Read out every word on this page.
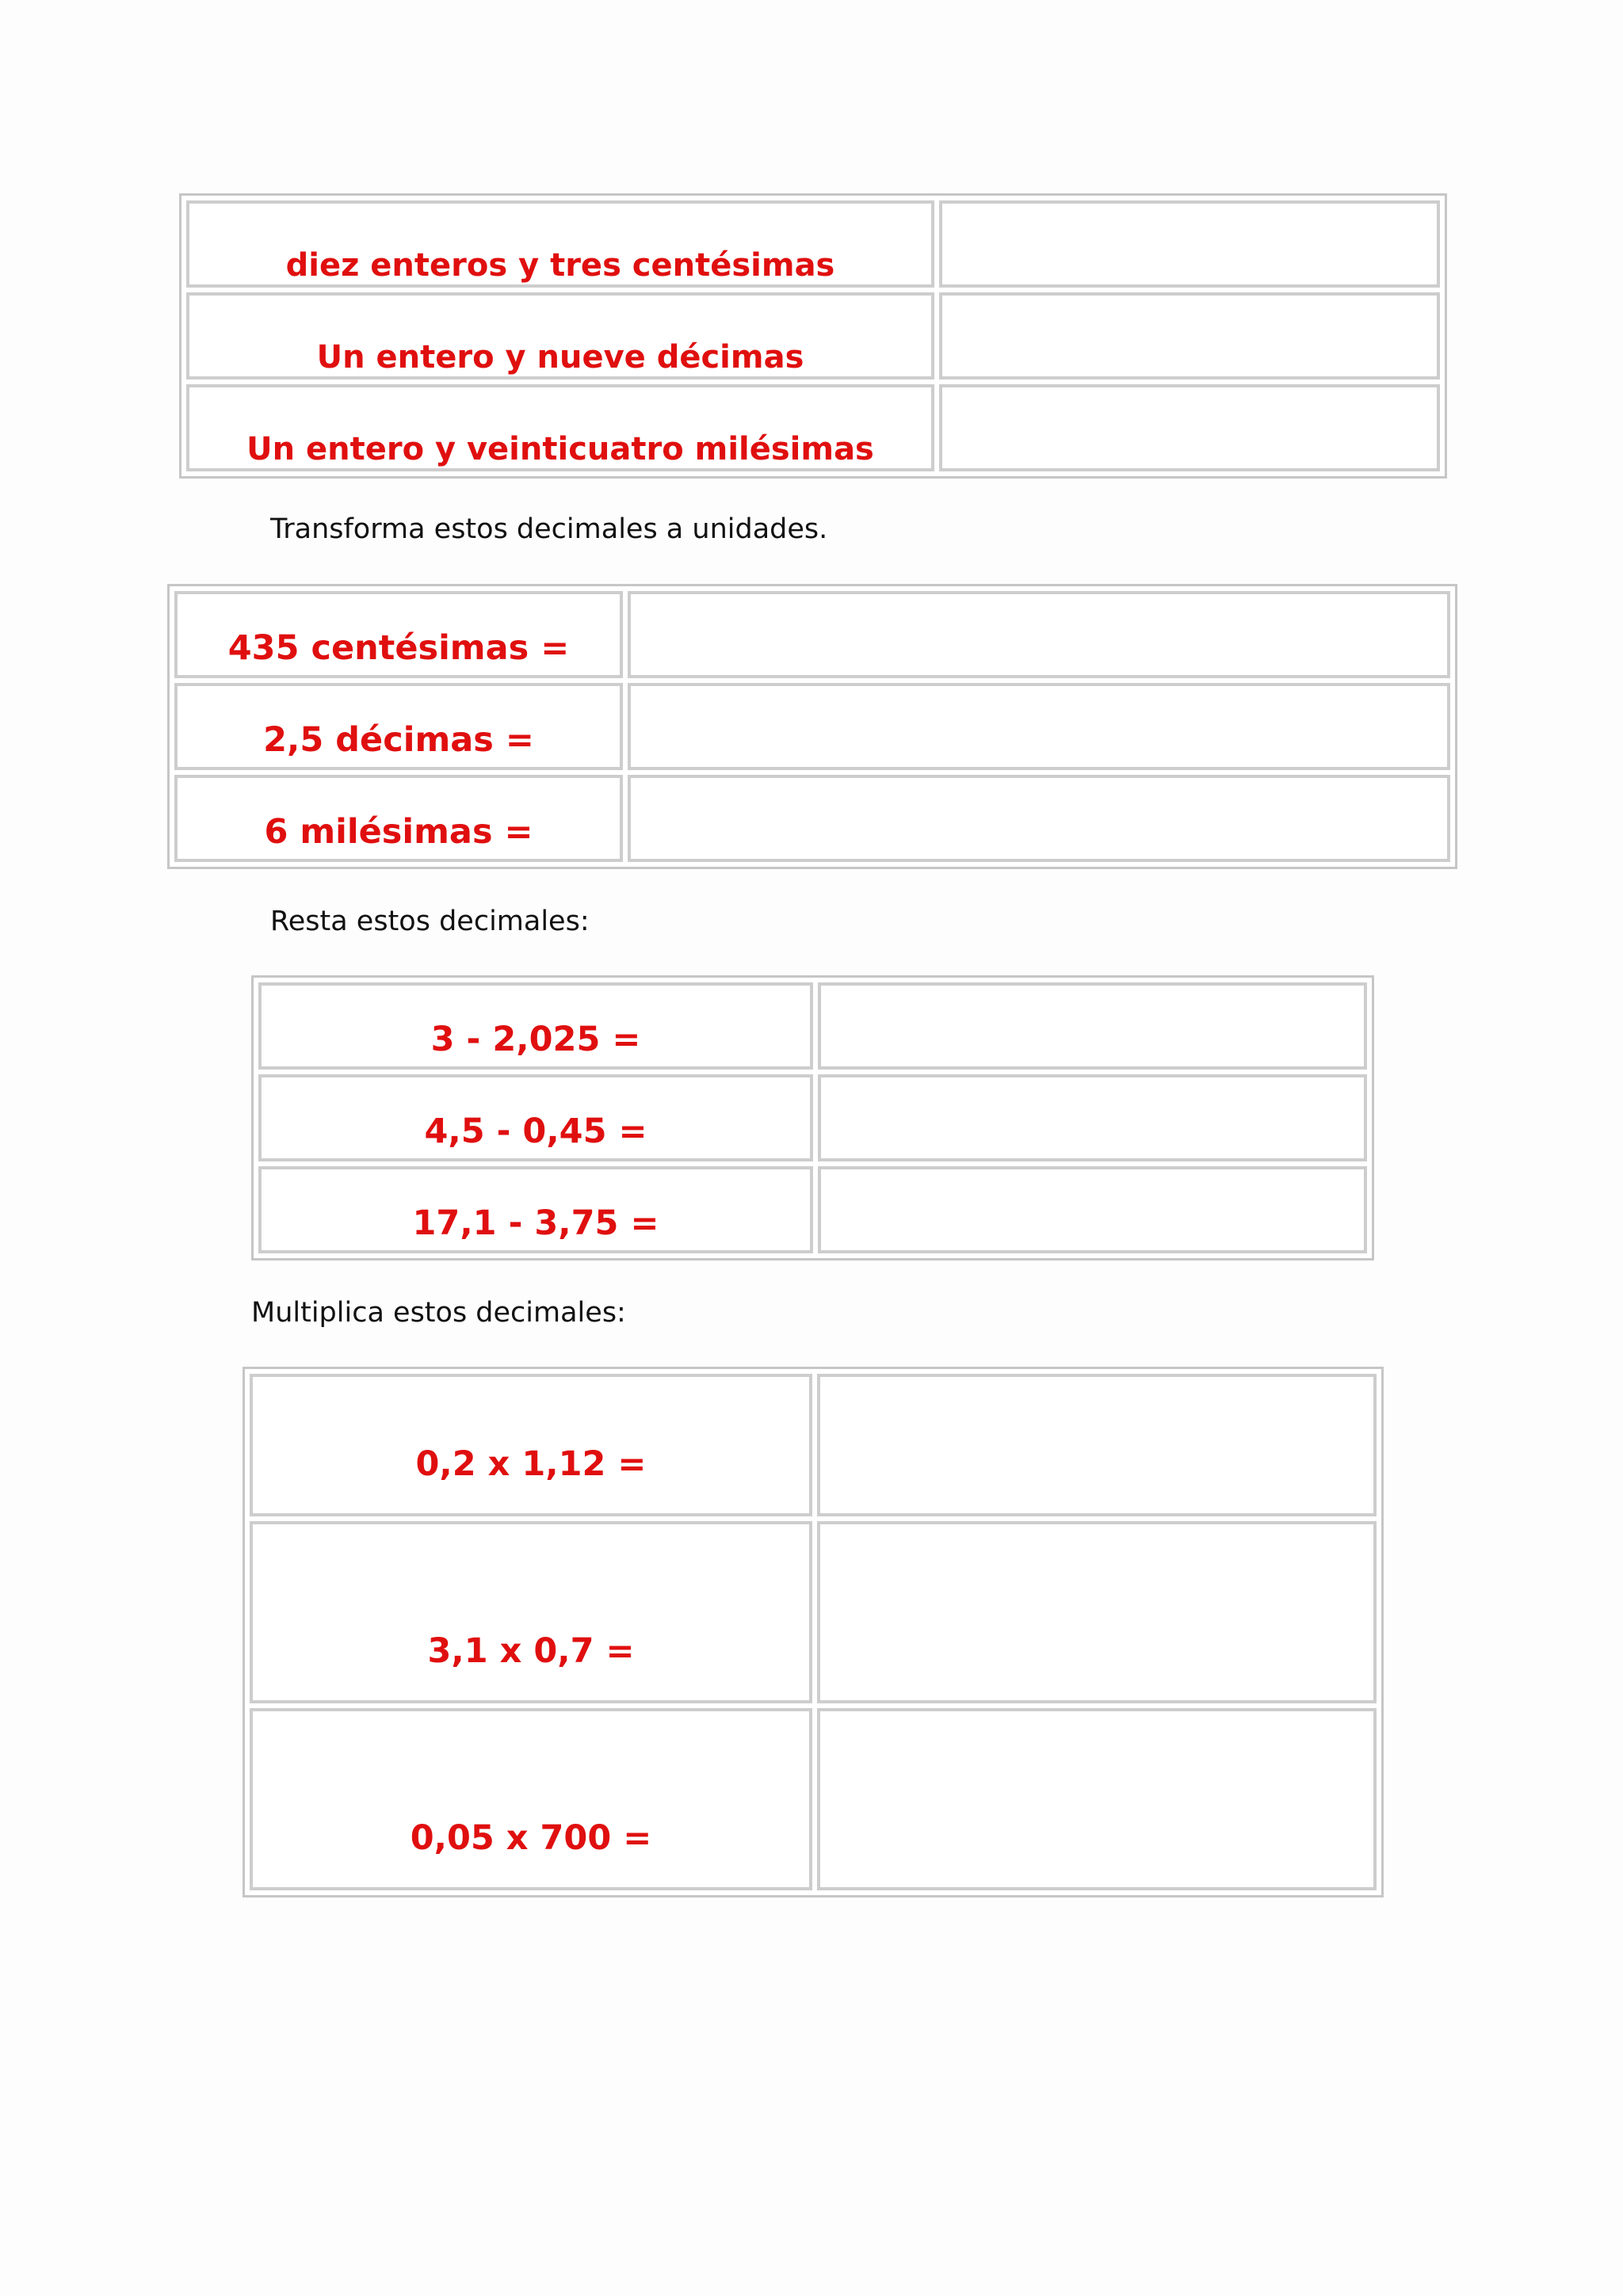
diez enteros y tres centésimas	

Un entero y nueve décimas	

Un entero y veinticuatro milésimas	

Transforma estos decimales a unidades.

435 centésimas =	

2,5 décimas =	

6 milésimas =	

Resta estos decimales:

3 - 2,025 =	

4,5 - 0,45 =	

17,1 - 3,75 =	

Multiplica estos decimales:

0,2 x 1,12 =	

3,1 x 0,7 =	

0,05 x 700 =	
